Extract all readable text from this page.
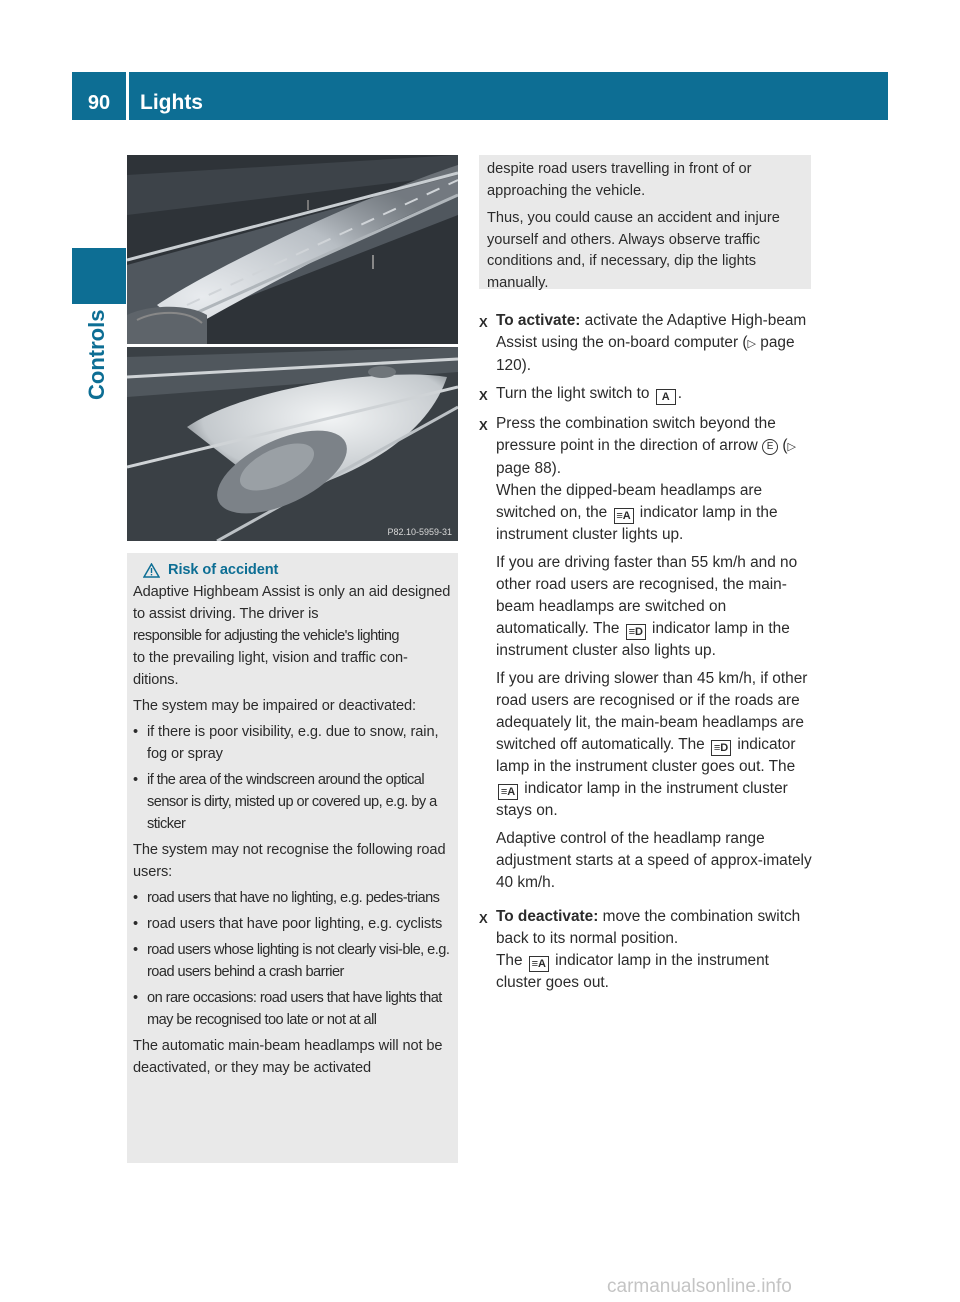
90	Lights
Controls
P82.10-5959-31
Risk of accident

Adaptive Highbeam Assist is only an aid designed to assist driving. The driver is

responsible for adjusting the vehicle's lighting

to the prevailing light, vision and traffic con-ditions.

The system may be impaired or deactivated:

• if there is poor visibility, e.g. due to snow, rain, fog or spray
• if the area of the windscreen around the optical sensor is dirty, misted up or covered up, e.g. by a sticker

The system may not recognise the following road users:

• road users that have no lighting, e.g. pedes-trians
• road users that have poor lighting, e.g. cyclists
• road users whose lighting is not clearly visi-ble, e.g. road users behind a crash barrier
• on rare occasions: road users that have lights that may be recognised too late or not at all

The automatic main-beam headlamps will not be deactivated, or they may be activated

despite road users travelling in front of or approaching the vehicle.

Thus, you could cause an accident and injure yourself and others. Always observe traffic conditions and, if necessary, dip the lights manually.

X To activate: activate the Adaptive High-beam Assist using the on-board computer (▷ page 120).
X Turn the light switch to A .
X Press the combination switch beyond the pressure point in the direction of arrow E (▷ page 88).
When the dipped-beam headlamps are switched on, the ≡A indicator lamp in the instrument cluster lights up.

If you are driving faster than 55 km/h and no other road users are recognised, the main-beam headlamps are switched on automatically. The ≡D indicator lamp in the instrument cluster also lights up.

If you are driving slower than 45 km/h, if other road users are recognised or if the roads are adequately lit, the main-beam headlamps are switched off automatically. The ≡D indicator lamp in the instrument cluster goes out. The ≡A indicator lamp in the instrument cluster stays on.

Adaptive control of the headlamp range adjustment starts at a speed of approx-imately 40 km/h.

X To deactivate: move the combination switch back to its normal position.
The ≡A indicator lamp in the instrument cluster goes out.
carmanualsonline.info
